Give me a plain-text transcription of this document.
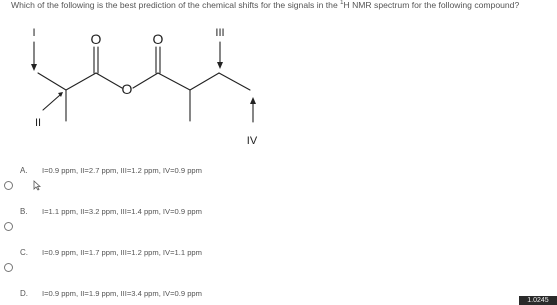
Which of the following is the best prediction of the chemical shifts for the signals in the $^1$H NMR spectrum for the following compound?
O	O
O
I
II
III
IV
A. I=0.9 ppm, II=2.7 ppm, III=1.2 ppm, IV=0.9 ppm
B. I=1.1 ppm, II=3.2 ppm, III=1.4 ppm, IV=0.9 ppm
C. I=0.9 ppm, II=1.7 ppm, III=1.2 ppm, IV=1.1 ppm
D. I=0.9 ppm, II=1.9 ppm, III=3.4 ppm, IV=0.9 ppm
1.0245
